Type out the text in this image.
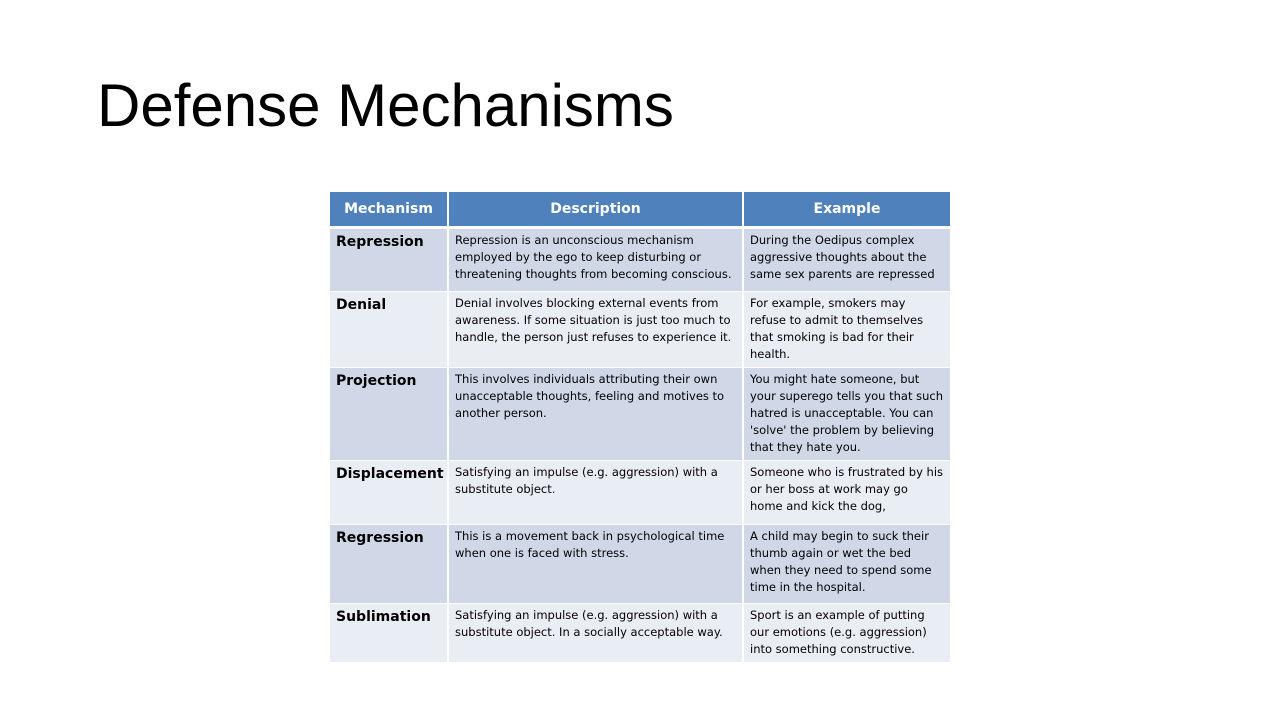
Defense Mechanisms
Mechanism	Description	Example
Repression	Repression is an unconscious mechanism employed by the ego to keep disturbing or threatening thoughts from becoming conscious.	During the Oedipus complex aggressive thoughts about the same sex parents are repressed
Denial	Denial involves blocking external events from awareness. If some situation is just too much to handle, the person just refuses to experience it.	For example, smokers may refuse to admit to themselves that smoking is bad for their health.
Projection	This involves individuals attributing their own unacceptable thoughts, feeling and motives to another person.	You might hate someone, but your superego tells you that such hatred is unacceptable. You can 'solve' the problem by believing that they hate you.
Displacement	Satisfying an impulse (e.g. aggression) with a substitute object.	Someone who is frustrated by his or her boss at work may go home and kick the dog,
Regression	This is a movement back in psychological time when one is faced with stress.	A child may begin to suck their thumb again or wet the bed when they need to spend some time in the hospital.
Sublimation	Satisfying an impulse (e.g. aggression) with a substitute object. In a socially acceptable way.	Sport is an example of putting our emotions (e.g. aggression) into something constructive.
